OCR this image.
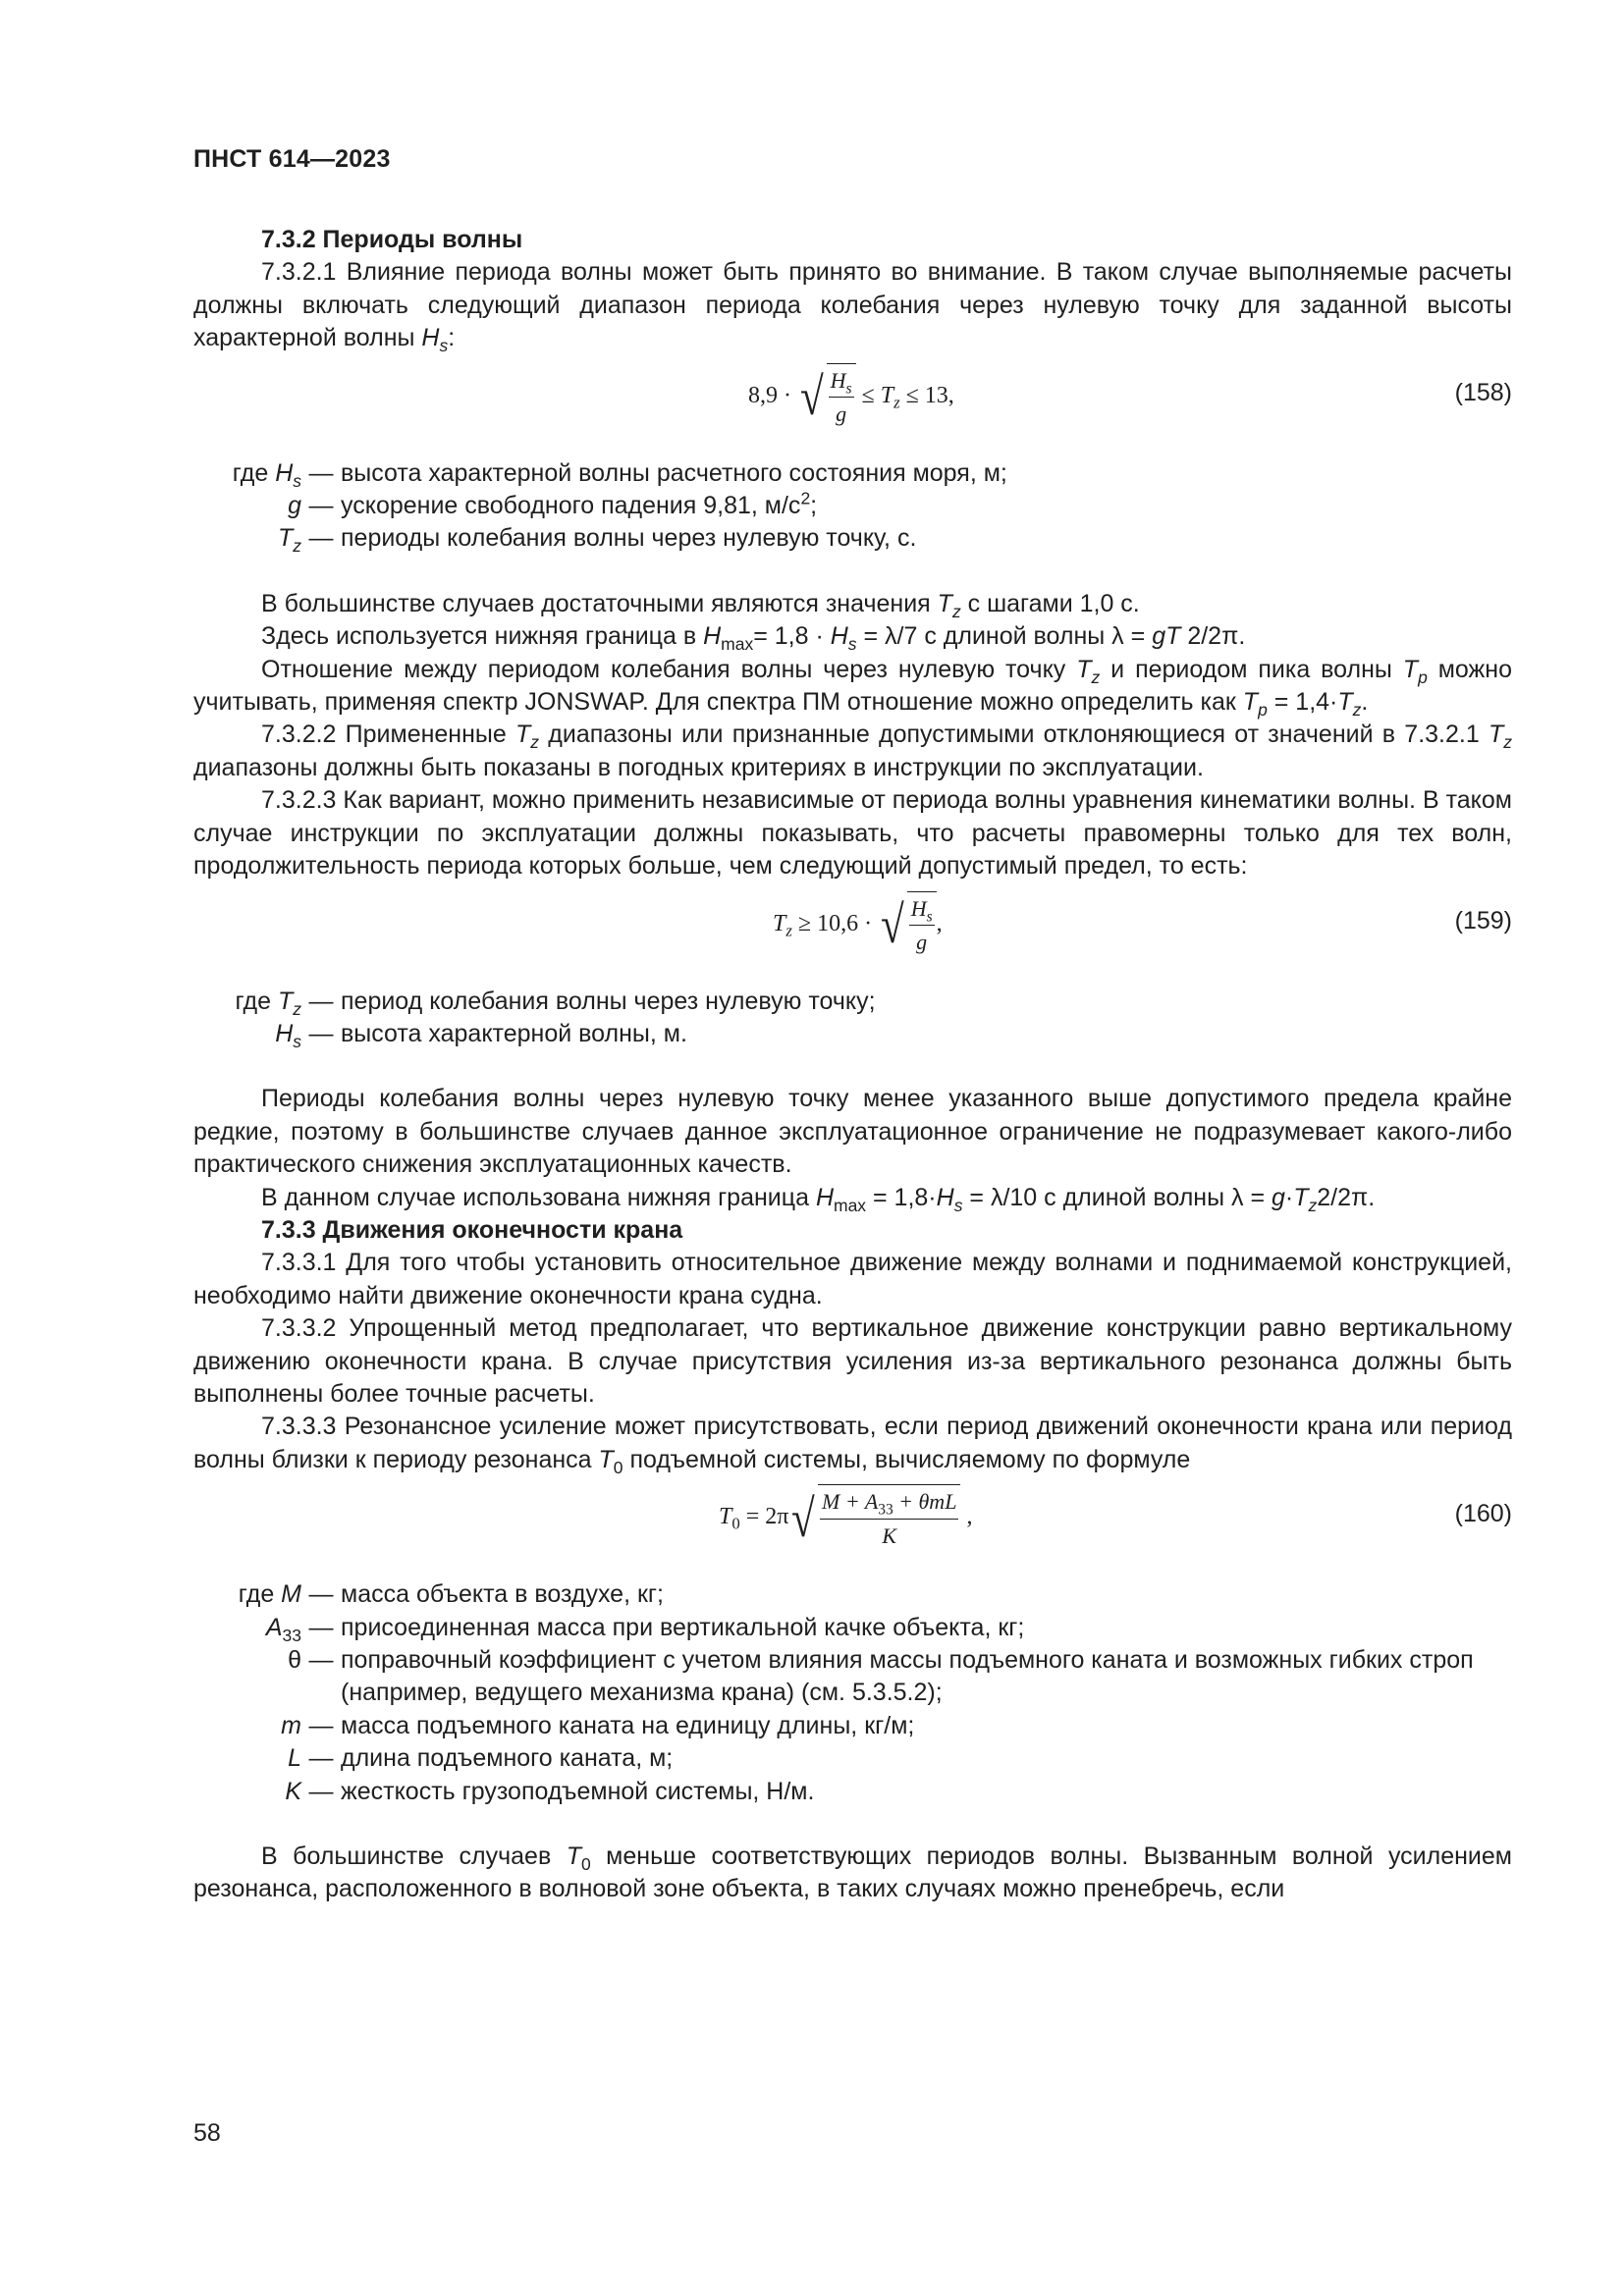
ПНСТ 614—2023

7.3.2 Периоды волны

7.3.2.1 Влияние периода волны может быть принято во внимание. В таком случае выполняемые расчеты должны включать следующий диапазон периода колебания через нулевую точку для заданной высоты характерной волны $H_s$:

8,9 · √ $\frac{H_s}{g} \le T_z \le 13$,	(158)
где $H_s$ — высота характерной волны расчетного состояния моря, м;
g — ускорение свободного падения 9,81, $м/с^2$;
$T_z$ — периоды колебания волны через нулевую точку, с.

В большинстве случаев достаточными являются значения $T_z$ с шагами 1,0 с.

Здесь используется нижняя граница в $H_{max}= 1,8 \cdot H_s = \lambda/7$ с длиной волны λ = gT 2/2π.

Отношение между периодом колебания волны через нулевую точку $T_z$ и периодом пика волны $T_p$ можно учитывать, применяя спектр JONSWAP. Для спектра ПМ отношение можно определить как $T_p = 1,4\cdot T_z$.

7.3.2.2 Примененные $T_z$ диапазоны или признанные допустимыми отклоняющиеся от значений в 7.3.2.1 $T_z$ диапазоны должны быть показаны в погодных критериях в инструкции по эксплуатации.

7.3.2.3 Как вариант, можно применить независимые от периода волны уравнения кинематики волны. В таком случае инструкции по эксплуатации должны показывать, что расчеты правомерны только для тех волн, продолжительность периода которых больше, чем следующий допустимый предел, то есть:

$T_z \ge 10,6$ · √ $\frac{H_s}{g}$ ,	(159)
где $T_z$ — период колебания волны через нулевую точку;
$H_s$ — высота характерной волны, м.

Периоды колебания волны через нулевую точку менее указанного выше допустимого предела крайне редкие, поэтому в большинстве случаев данное эксплуатационное ограничение не подразумевает какого-либо практического снижения эксплуатационных качеств.

В данном случае использована нижняя граница $H_{max} = 1,8\cdot H_s = \lambda/10$ с длиной волны $\lambda = g\cdot T_z2/2\pi$.

7.3.3 Движения оконечности крана

7.3.3.1 Для того чтобы установить относительное движение между волнами и поднимаемой конструкцией, необходимо найти движение оконечности крана судна.

7.3.3.2 Упрощенный метод предполагает, что вертикальное движение конструкции равно вертикальному движению оконечности крана. В случае присутствия усиления из-за вертикального резонанса должны быть выполнены более точные расчеты.

7.3.3.3 Резонансное усиление может присутствовать, если период движений оконечности крана или период волны близки к периоду резонанса $T_0$ подъемной системы, вычисляемому по формуле

$T_0 = 2\pi$ √ $\frac{M + A_{33} + \theta mL}{K}$ ,	(160)
где M — масса объекта в воздухе, кг;
$A_{33}$ — присоединенная масса при вертикальной качке объекта, кг;
θ — поправочный коэффициент с учетом влияния массы подъемного каната и возможных гибких строп (например, ведущего механизма крана) (см. 5.3.5.2);
m — масса подъемного каната на единицу длины, кг/м;
L — длина подъемного каната, м;
K — жесткость грузоподъемной системы, Н/м.

В большинстве случаев $T_0$ меньше соответствующих периодов волны. Вызванным волной усилением резонанса, расположенного в волновой зоне объекта, в таких случаях можно пренебречь, если

58
